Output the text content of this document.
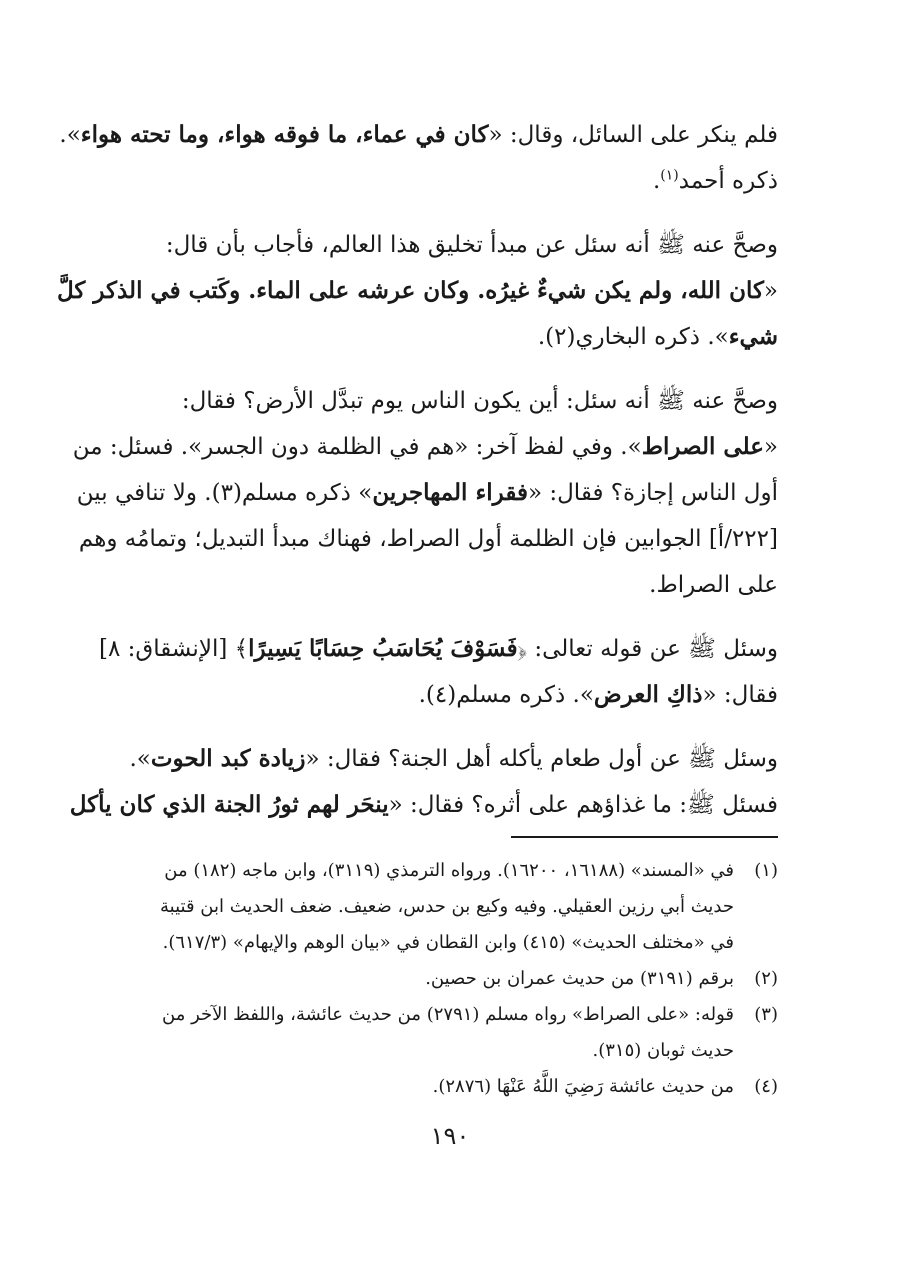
فلم ينكر على السائل، وقال: «كان في عماء، ما فوقه هواء، وما تحته هواء».
ذكره أحمد$^{(١)}$.

وصحَّ عنه ﷺ أنه سئل عن مبدأ تخليق هذا العالم، فأجاب بأن قال:
«كان الله، ولم يكن شيءٌ غيرُه. وكان عرشه على الماء. وكَتب في الذكر كلَّ
شيء». ذكره البخاري(٢).

وصحَّ عنه ﷺ أنه سئل: أين يكون الناس يوم تبدَّل الأرض؟ فقال:
«على الصراط». وفي لفظ آخر: «هم في الظلمة دون الجسر». فسئل: من
أول الناس إجازة؟ فقال: «فقراء المهاجرين» ذكره مسلم(٣). ولا تنافي بين
[٢٢٢/أ] الجوابين فإن الظلمة أول الصراط، فهناك مبدأ التبديل؛ وتمامُه وهم
على الصراط.

وسئل ﷺ عن قوله تعالى: ﴿فَسَوْفَ يُحَاسَبُ حِسَابًا يَسِيرًا﴾ [الإنشقاق: ٨]
فقال: «ذاكِ العرض». ذكره مسلم(٤).

وسئل ﷺ عن أول طعام يأكله أهل الجنة؟ فقال: «زيادة كبد الحوت».
فسئل ﷺ: ما غذاؤهم على أثره؟ فقال: «ينحَر لهم ثورُ الجنة الذي كان يأكل

(١)
في «المسند» (١٦١٨٨، ١٦٢٠٠). ورواه الترمذي (٣١١٩)، وابن ماجه (١٨٢) من
حديث أبي رزين العقيلي. وفيه وكيع بن حدس، ضعيف. ضعف الحديث ابن قتيبة
في «مختلف الحديث» (٤١٥) وابن القطان في «بيان الوهم والإيهام» (٦١٧/٣).
(٢)
برقم (٣١٩١) من حديث عمران بن حصين.
(٣)
قوله: «على الصراط» رواه مسلم (٢٧٩١) من حديث عائشة، واللفظ الآخر من
حديث ثوبان (٣١٥).
(٤)
من حديث عائشة رَضِيَ اللَّهُ عَنْهَا (٢٨٧٦).
١٩٠
